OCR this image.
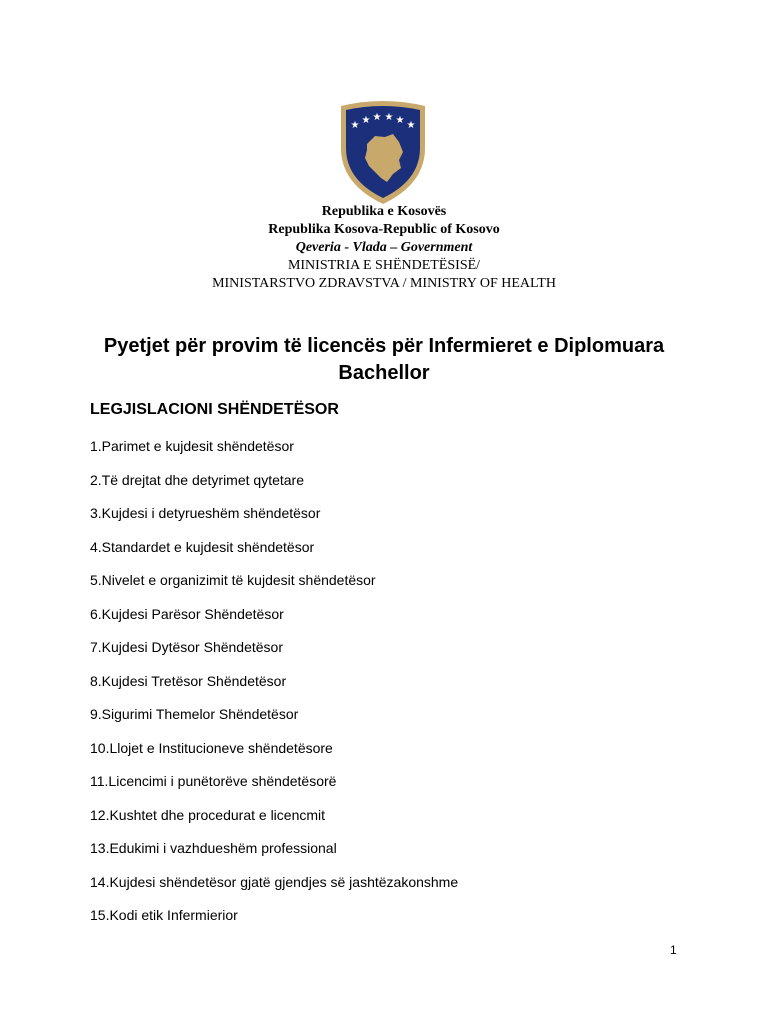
★ ★ ★ ★ ★ ★
Republika e Kosovës
Republika Kosova-Republic of Kosovo
Qeveria - Vlada – Government
MINISTRIA E SHËNDETËSISË/
MINISTARSTVO ZDRAVSTVA / MINISTRY OF HEALTH
Pyetjet për provim të licencës për Infermieret e Diplomuara
Bachellor
LEGJISLACIONI SHËNDETËSOR
1.Parimet e kujdesit shëndetësor
2.Të drejtat dhe detyrimet qytetare
3.Kujdesi i detyrueshëm shëndetësor
4.Standardet e kujdesit shëndetësor
5.Nivelet e organizimit të kujdesit shëndetësor
6.Kujdesi Parësor Shëndetësor
7.Kujdesi Dytësor Shëndetësor
8.Kujdesi Tretësor Shëndetësor
9.Sigurimi Themelor Shëndetësor
10.Llojet e Institucioneve shëndetësore
11.Licencimi i punëtorëve shëndetësorë
12.Kushtet dhe procedurat e licencmit
13.Edukimi i vazhdueshëm professional
14.Kujdesi shëndetësor gjatë gjendjes së jashtëzakonshme
15.Kodi etik Infermierior
1
